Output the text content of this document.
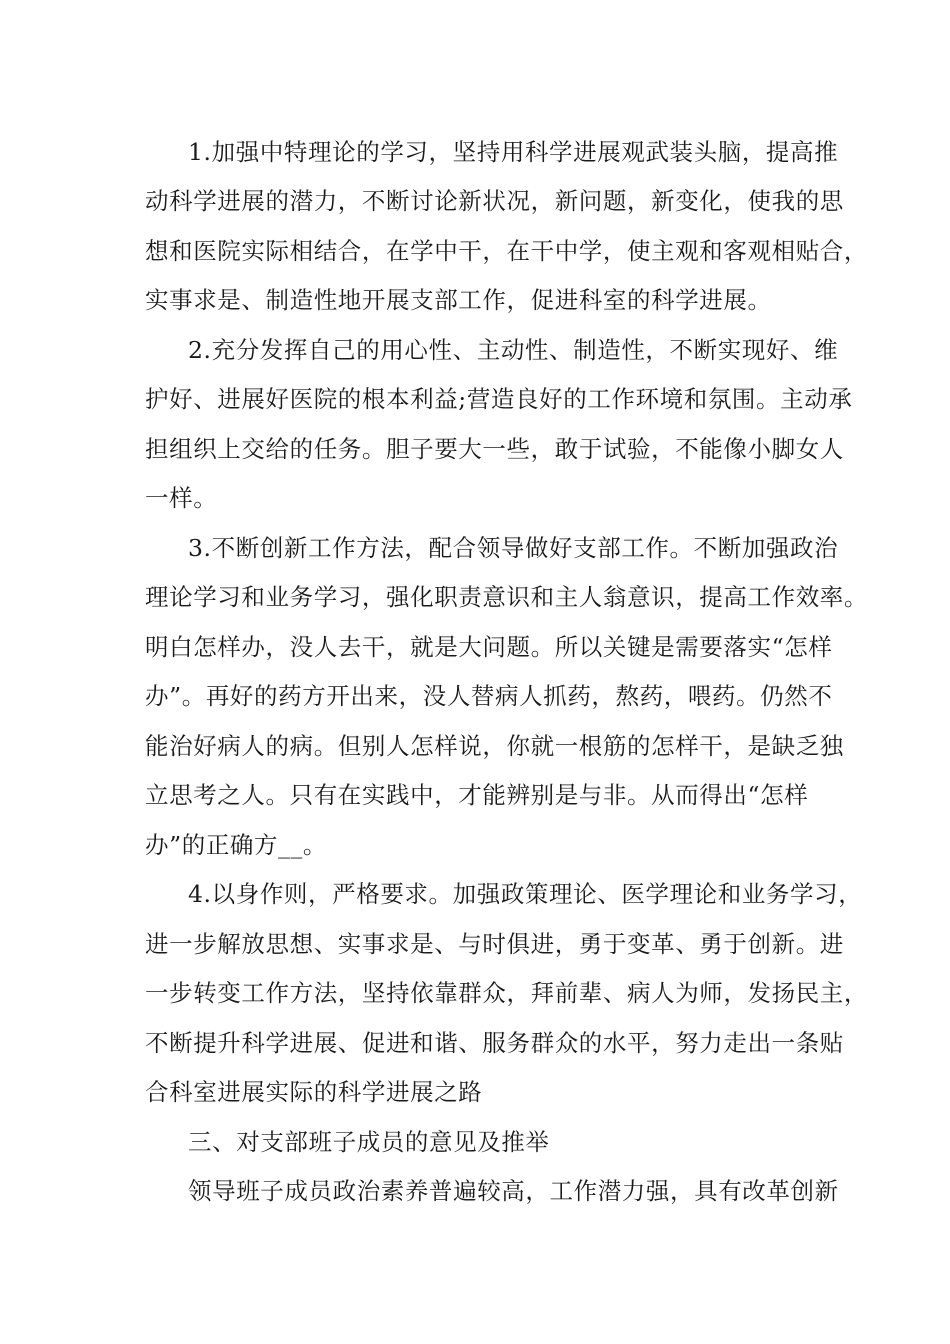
1.加强中特理论的学习，坚持用科学进展观武装头脑，提高推
动科学进展的潜力，不断讨论新状况，新问题，新变化，使我的思
想和医院实际相结合，在学中干，在干中学，使主观和客观相贴合，
实事求是、制造性地开展支部工作，促进科室的科学进展。
2.充分发挥自己的用心性、主动性、制造性，不断实现好、维
护好、进展好医院的根本利益;营造良好的工作环境和氛围。主动承
担组织上交给的任务。胆子要大一些，敢于试验，不能像小脚女人
一样。
3.不断创新工作方法，配合领导做好支部工作。不断加强政治
理论学习和业务学习，强化职责意识和主人翁意识，提高工作效率。
明白怎样办，没人去干，就是大问题。所以关键是需要落实“怎样
办”。再好的药方开出来，没人替病人抓药，熬药，喂药。仍然不
能治好病人的病。但别人怎样说，你就一根筋的怎样干，是缺乏独
立思考之人。只有在实践中，才能辨别是与非。从而得出“怎样
办”的正确方__。
4.以身作则，严格要求。加强政策理论、医学理论和业务学习，
进一步解放思想、实事求是、与时俱进，勇于变革、勇于创新。进
一步转变工作方法，坚持依靠群众，拜前辈、病人为师，发扬民主，
不断提升科学进展、促进和谐、服务群众的水平，努力走出一条贴
合科室进展实际的科学进展之路
三、对支部班子成员的意见及推举
领导班子成员政治素养普遍较高，工作潜力强，具有改革创新
